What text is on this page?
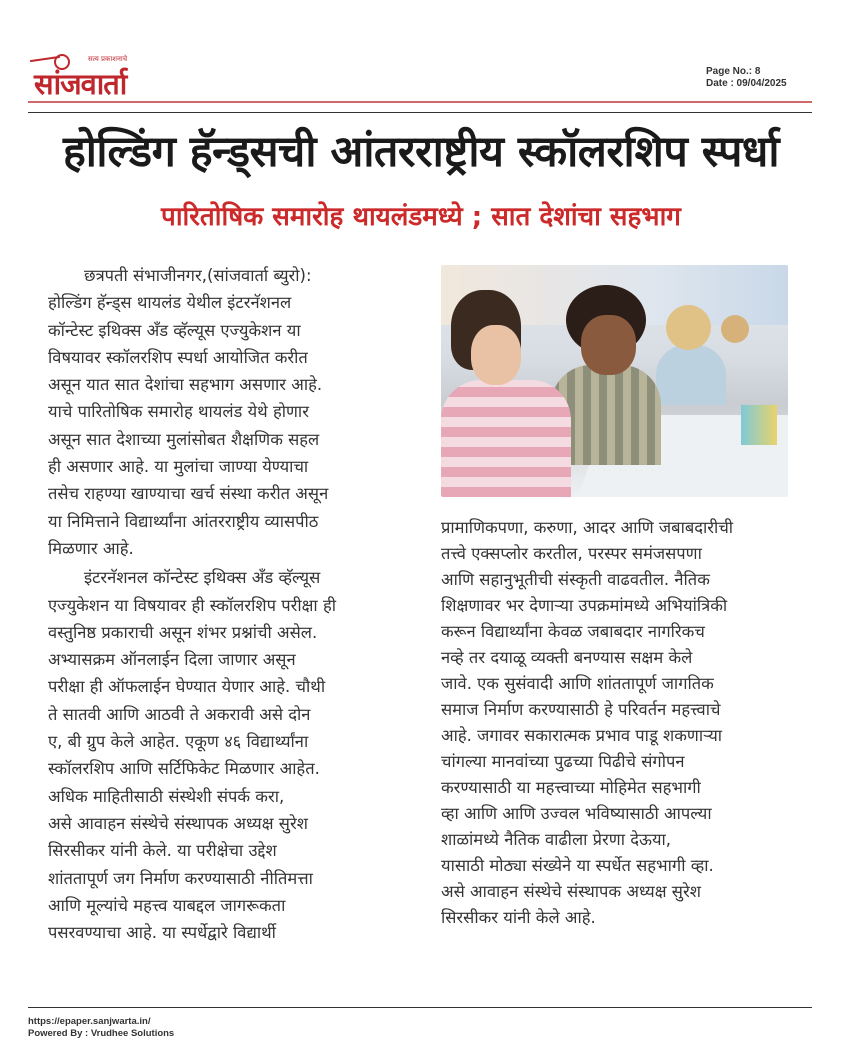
सत्य प्रकाशनाचे
सांजवार्ता	Page No.: 8
Date : 09/04/2025
होल्डिंग हॅन्ड्सची आंतरराष्ट्रीय स्कॉलरशिप स्पर्धा
पारितोषिक समारोह थायलंडमध्ये ; सात देशांचा सहभाग
छत्रपती संभाजीनगर,(सांजवार्ता ब्युरो):
होल्डिंग हॅन्ड्स थायलंड येथील इंटरनॅशनल
कॉन्टेस्ट इथिक्स अँड व्हॅल्यूस एज्युकेशन या
विषयावर स्कॉलरशिप स्पर्धा आयोजित करीत
असून यात सात देशांचा सहभाग असणार आहे.
याचे पारितोषिक समारोह थायलंड येथे होणार
असून सात देशाच्या मुलांसोबत शैक्षणिक सहल
ही असणार आहे. या मुलांचा जाण्या येण्याचा
तसेच राहण्या खाण्याचा खर्च संस्था करीत असून
या निमित्ताने विद्यार्थ्यांना आंतरराष्ट्रीय व्यासपीठ
मिळणार आहे.
इंटरनॅशनल कॉन्टेस्ट इथिक्स अँड व्हॅल्यूस
एज्युकेशन या विषयावर ही स्कॉलरशिप परीक्षा ही
वस्तुनिष्ठ प्रकाराची असून शंभर प्रश्नांची असेल.
अभ्यासक्रम ऑनलाईन दिला जाणार असून
परीक्षा ही ऑफलाईन घेण्यात येणार आहे. चौथी
ते सातवी आणि आठवी ते अकरावी असे दोन
ए, बी ग्रुप केले आहेत. एकूण ४६ विद्यार्थ्यांना
स्कॉलरशिप आणि सर्टिफिकेट मिळणार आहेत.
अधिक माहितीसाठी संस्थेशी संपर्क करा,
असे आवाहन संस्थेचे संस्थापक अध्यक्ष सुरेश
सिरसीकर यांनी केले. या परीक्षेचा उद्देश
शांततापूर्ण जग निर्माण करण्यासाठी नीतिमत्ता
आणि मूल्यांचे महत्त्व याबद्दल जागरूकता
पसरवण्याचा आहे. या स्पर्धेद्वारे विद्यार्थी
प्रामाणिकपणा, करुणा, आदर आणि जबाबदारीची
तत्त्वे एक्सप्लोर करतील, परस्पर समंजसपणा
आणि सहानुभूतीची संस्कृती वाढवतील. नैतिक
शिक्षणावर भर देणाऱ्या उपक्रमांमध्ये अभियांत्रिकी
करून विद्यार्थ्यांना केवळ जबाबदार नागरिकच
नव्हे तर दयाळू व्यक्ती बनण्यास सक्षम केले
जावे. एक सुसंवादी आणि शांततापूर्ण जागतिक
समाज निर्माण करण्यासाठी हे परिवर्तन महत्त्वाचे
आहे. जगावर सकारात्मक प्रभाव पाडू शकणाऱ्या
चांगल्या मानवांच्या पुढच्या पिढीचे संगोपन
करण्यासाठी या महत्त्वाच्या मोहिमेत सहभागी
व्हा आणि आणि उज्वल भविष्यासाठी आपल्या
शाळांमध्ये नैतिक वाढीला प्रेरणा देऊया,
यासाठी मोठ्या संख्येने या स्पर्धेत सहभागी व्हा.
असे आवाहन संस्थेचे संस्थापक अध्यक्ष सुरेश
सिरसीकर यांनी केले आहे.
https://epaper.sanjwarta.in/
Powered By : Vrudhee Solutions
